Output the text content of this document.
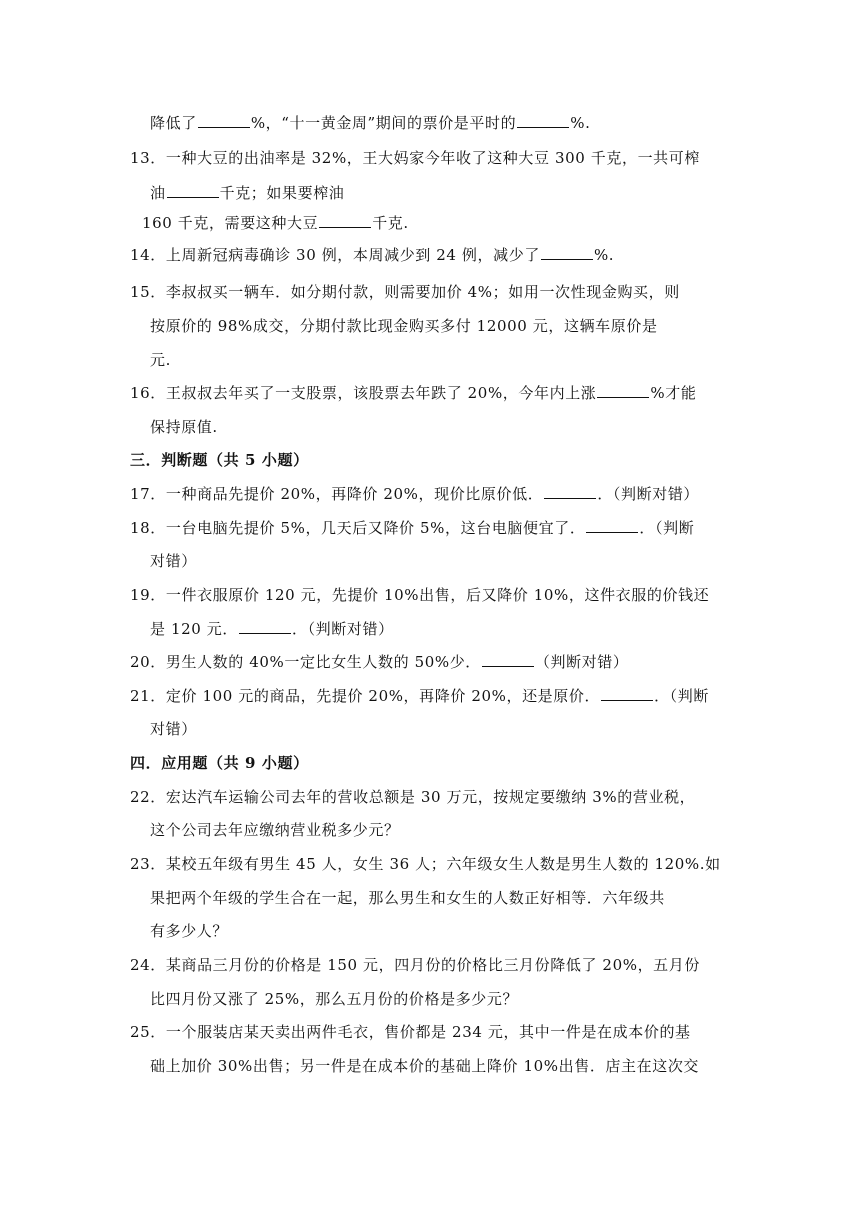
降低了	%，“十一黄金周”期间的票价是平时的	%.
13．一种大豆的出油率是 32%，王大妈家今年收了这种大豆 300 千克，一共可榨
油	千克；如果要榨油
160 千克，需要这种大豆	千克.
14．上周新冠病毒确诊 30 例，本周减少到 24 例，减少了	%.
15．李叔叔买一辆车．如分期付款，则需要加价 4%；如用一次性现金购买，则
按原价的 98%成交，分期付款比现金购买多付 12000 元，这辆车原价是
元.
16．王叔叔去年买了一支股票，该股票去年跌了 20%，今年内上涨	%才能
保持原值.
三．判断题（共 5 小题）
17．一种商品先提价 20%，再降价 20%，现价比原价低．	．（判断对错）
18．一台电脑先提价 5%，几天后又降价 5%，这台电脑便宜了．	．（判断
对错）
19．一件衣服原价 120 元，先提价 10%出售，后又降价 10%，这件衣服的价钱还
是 120 元．	．（判断对错）
20．男生人数的 40%一定比女生人数的 50%少．	（判断对错）
21．定价 100 元的商品，先提价 20%，再降价 20%，还是原价．	．（判断
对错）
四．应用题（共 9 小题）
22．宏达汽车运输公司去年的营收总额是 30 万元，按规定要缴纳 3%的营业税，
这个公司去年应缴纳营业税多少元？
23．某校五年级有男生 45 人，女生 36 人；六年级女生人数是男生人数的 120%.如
果把两个年级的学生合在一起，那么男生和女生的人数正好相等．六年级共
有多少人？
24．某商品三月份的价格是 150 元，四月份的价格比三月份降低了 20%，五月份
比四月份又涨了 25%，那么五月份的价格是多少元？
25．一个服装店某天卖出两件毛衣，售价都是 234 元，其中一件是在成本价的基
础上加价 30%出售；另一件是在成本价的基础上降价 10%出售．店主在这次交
